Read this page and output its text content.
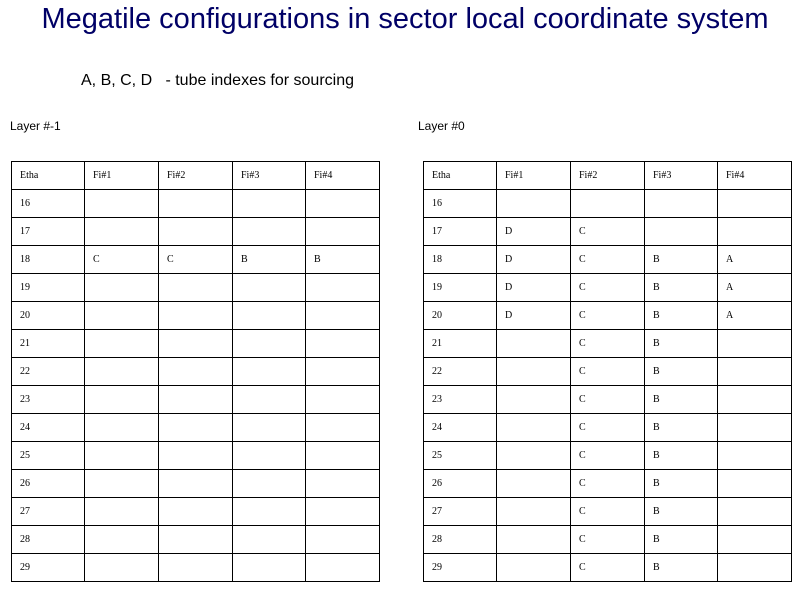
Megatile configurations in sector local coordinate system
A, B, C, D   - tube indexes for sourcing
Layer #-1	Layer #0
Etha	Fi#1	Fi#2	Fi#3	Fi#4
16				
17				
18	C	C	B	B
19				
20				
21				
22				
23				
24				
25				
26				
27				
28				
29				
Etha	Fi#1	Fi#2	Fi#3	Fi#4
16				
17	D	C		
18	D	C	B	A
19	D	C	B	A
20	D	C	B	A
21		C	B	
22		C	B	
23		C	B	
24		C	B	
25		C	B	
26		C	B	
27		C	B	
28		C	B	
29		C	B	
